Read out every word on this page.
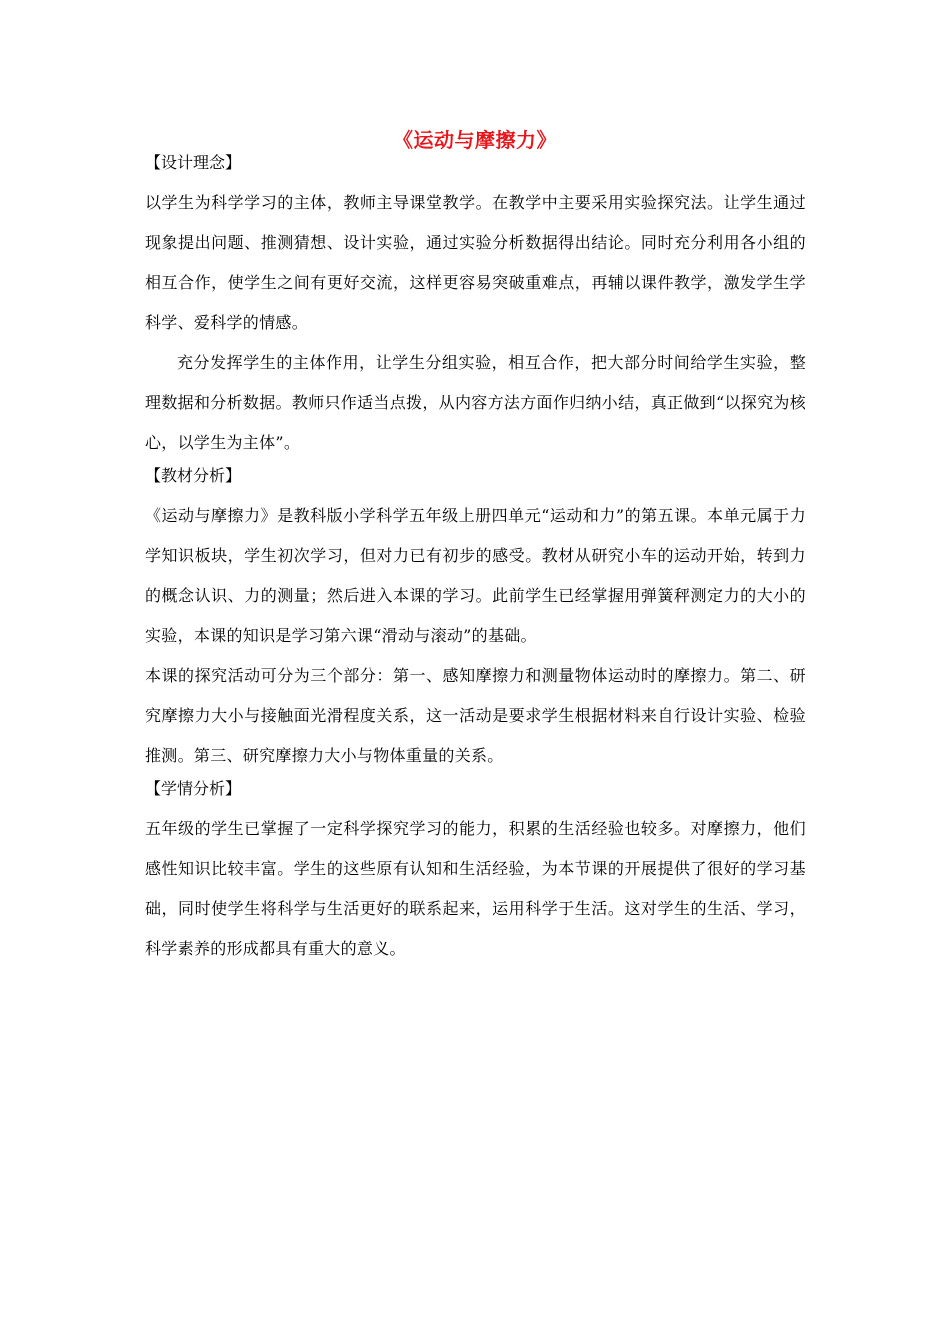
《运动与摩擦力》
【设计理念】
以学生为科学学习的主体，教师主导课堂教学。在教学中主要采用实验探究法。让学生通过现象提出问题、推测猜想、设计实验，通过实验分析数据得出结论。同时充分利用各小组的相互合作，使学生之间有更好交流，这样更容易突破重难点，再辅以课件教学，激发学生学科学、爱科学的情感。
充分发挥学生的主体作用，让学生分组实验，相互合作，把大部分时间给学生实验，整理数据和分析数据。教师只作适当点拨，从内容方法方面作归纳小结，真正做到“以探究为核心，以学生为主体”。
【教材分析】
《运动与摩擦力》是教科版小学科学五年级上册四单元“运动和力”的第五课。本单元属于力学知识板块，学生初次学习，但对力已有初步的感受。教材从研究小车的运动开始，转到力的概念认识、力的测量；然后进入本课的学习。此前学生已经掌握用弹簧秤测定力的大小的实验，本课的知识是学习第六课“滑动与滚动”的基础。
本课的探究活动可分为三个部分：第一、感知摩擦力和测量物体运动时的摩擦力。第二、研究摩擦力大小与接触面光滑程度关系，这一活动是要求学生根据材料来自行设计实验、检验推测。第三、研究摩擦力大小与物体重量的关系。
【学情分析】
五年级的学生已掌握了一定科学探究学习的能力，积累的生活经验也较多。对摩擦力，他们感性知识比较丰富。学生的这些原有认知和生活经验，为本节课的开展提供了很好的学习基础，同时使学生将科学与生活更好的联系起来，运用科学于生活。这对学生的生活、学习，科学素养的形成都具有重大的意义。
